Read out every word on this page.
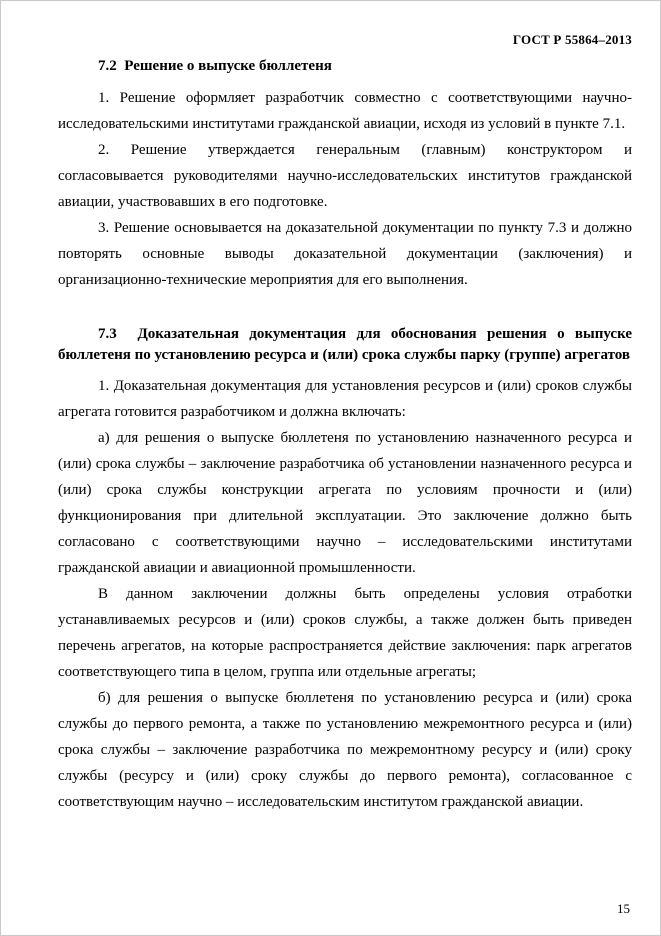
ГОСТ Р 55864–2013
7.2  Решение о выпуске бюллетеня

1. Решение оформляет разработчик совместно с соответствующими научно-исследовательскими институтами гражданской авиации, исходя из условий в пункте 7.1.

2. Решение утверждается генеральным (главным) конструктором и согласовывается руководителями научно-исследовательских институтов гражданской авиации, участвовавших в его подготовке.

3. Решение основывается на доказательной документации по пункту 7.3 и должно повторять основные выводы доказательной документации (заключения) и организационно-технические мероприятия для его выполнения.

7.3  Доказательная документация для обоснования решения о выпуске бюллетеня по установлению ресурса и (или) срока службы парку (группе) агрегатов

1. Доказательная документация для установления ресурсов и (или) сроков службы агрегата готовится разработчиком и должна включать:

а) для решения о выпуске бюллетеня по установлению назначенного ресурса и (или) срока службы – заключение разработчика об установлении назначенного ресурса и (или) срока службы конструкции агрегата по условиям прочности и (или) функционирования при длительной эксплуатации. Это заключение должно быть согласовано с соответствующими научно – исследовательскими институтами гражданской авиации и авиационной промышленности.

В данном заключении должны быть определены условия отработки устанавливаемых ресурсов и (или) сроков службы, а также должен быть приведен перечень агрегатов, на которые распространяется действие заключения: парк агрегатов соответствующего типа в целом, группа или отдельные агрегаты;

б) для решения о выпуске бюллетеня по установлению ресурса и (или) срока службы до первого ремонта, а также по установлению межремонтного ресурса и (или) срока службы – заключение разработчика по межремонтному ресурсу и (или) сроку службы (ресурсу и (или) сроку службы до первого ремонта), согласованное с соответствующим научно – исследовательским институтом гражданской авиации.

15
